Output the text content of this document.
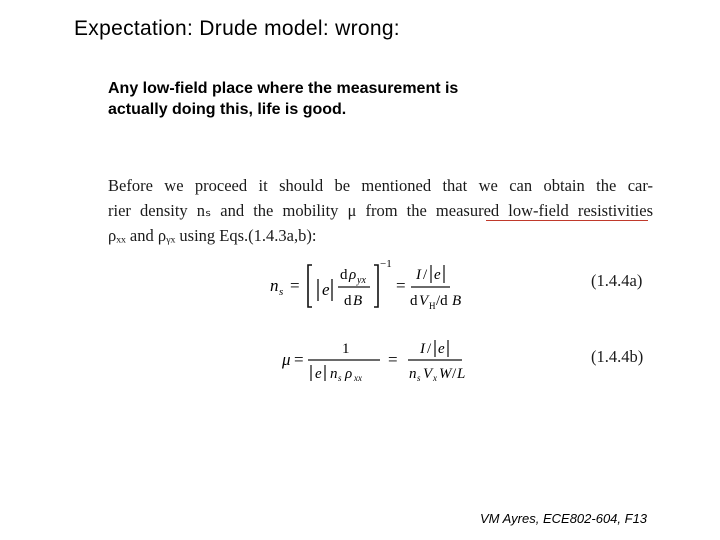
Expectation: Drude model: wrong:
Any low-field place where the measurement is
actually doing this, life is good.
Before we proceed it should be mentioned that we can obtain the car-
rier density nₛ and the mobility μ from the measured low-field resistivities
ρₓₓ and ρᵧₓ using Eqs.(1.4.3a,b):
n s = e
d ρ yx
d B
−1
=
I / e
d V H /d B
(1.4.4a)
μ =
1
e n s ρ xx
=
I / e
n s V x W / L
(1.4.4b)
VM Ayres, ECE802-604, F13
